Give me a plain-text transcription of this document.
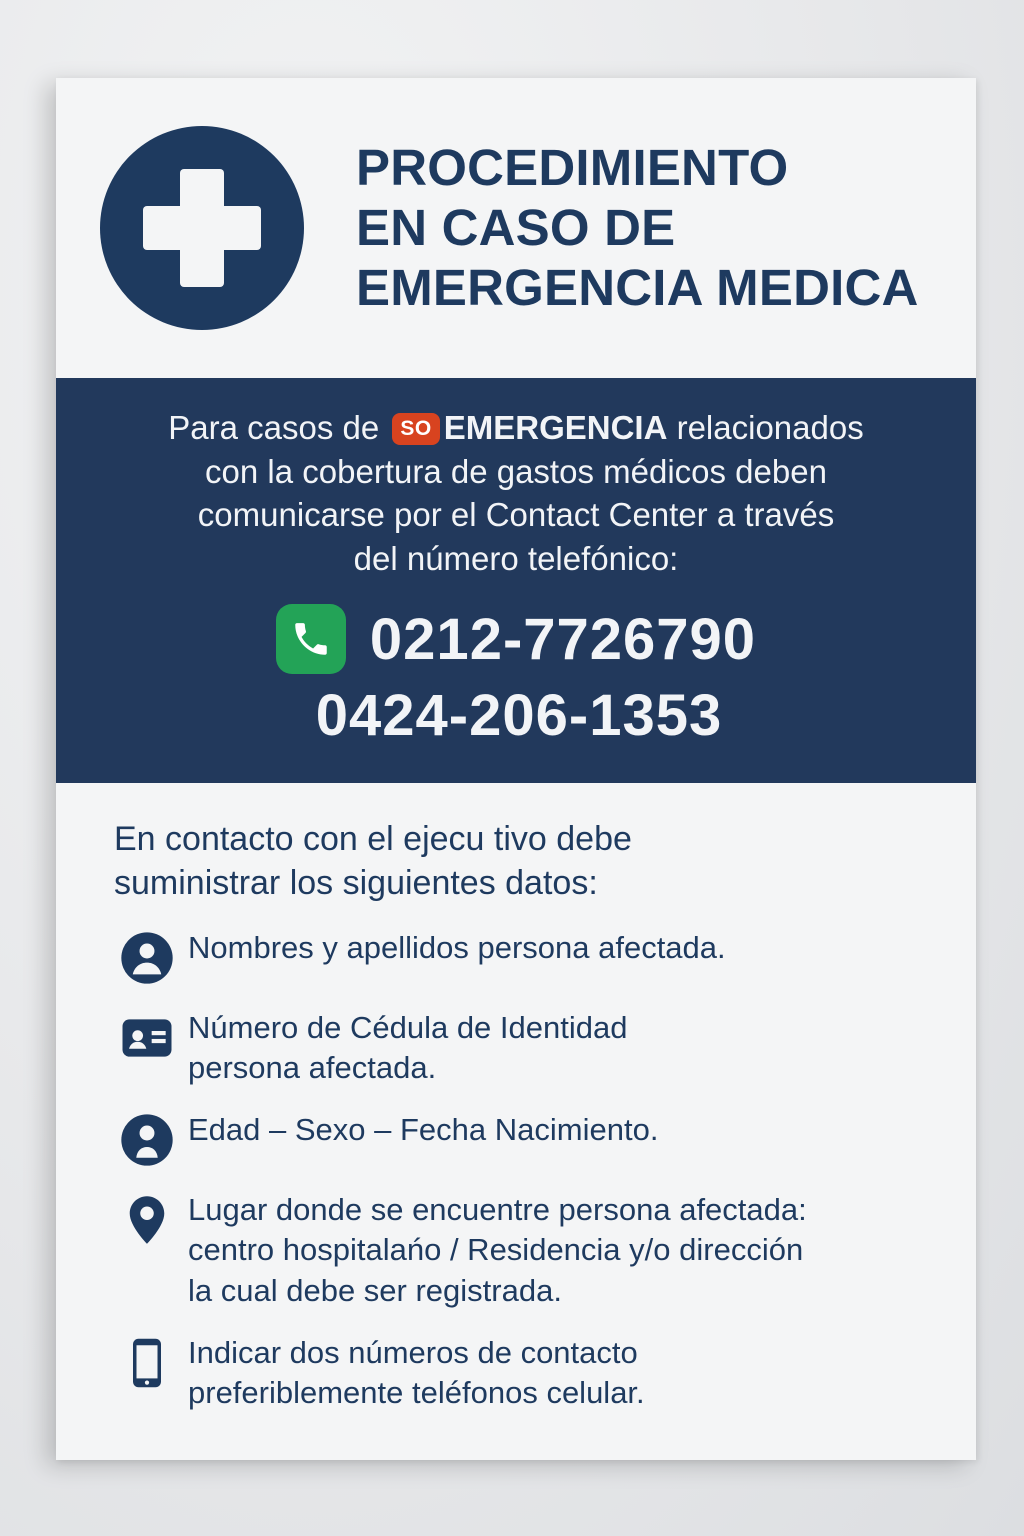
PROCEDIMIENTO
EN CASO DE
EMERGENCIA MEDICA
Para casos de SO EMERGENCIA relacionados
con la cobertura de gastos médicos deben
comunicarse por el Contact Center a través
del número telefónico:
0212-7726790
0424-206-1353
En contacto con el ejecu tivo debe
suministrar los siguientes datos:
Nombres y apellidos persona afectada.
Número de Cédula de Identidad
persona afectada.
Edad – Sexo – Fecha Nacimiento.
Lugar donde se encuentre persona afectada:
centro hospitalańo / Residencia y/o dirección
la cual debe ser registrada.
Indicar dos números de contacto
preferiblemente teléfonos celular.
